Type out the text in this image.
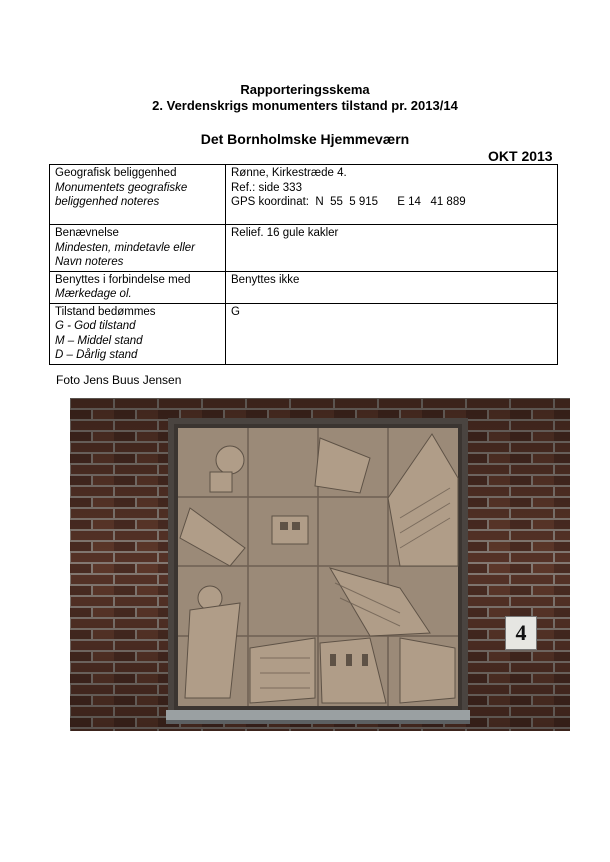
Rapporteringsskema
2. Verdenskrigs monumenters tilstand pr. 2013/14
Det Bornholmske Hjemmeværn
OKT 2013
Geografisk beliggenhed
Monumentets geografiske
beliggenhed noteres	Rønne, Kirkestræde 4.
Ref.: side 333
GPS koordinat:  N  55  5 915      E 14   41 889

Benævnelse
Mindesten, mindetavle eller
Navn noteres	Relief. 16 gule kakler

Benyttes i forbindelse med
Mærkedage ol.	Benyttes ikke

Tilstand bedømmes
G - God tilstand
M – Middel stand
D – Dårlig stand	G
Foto Jens Buus Jensen
4
